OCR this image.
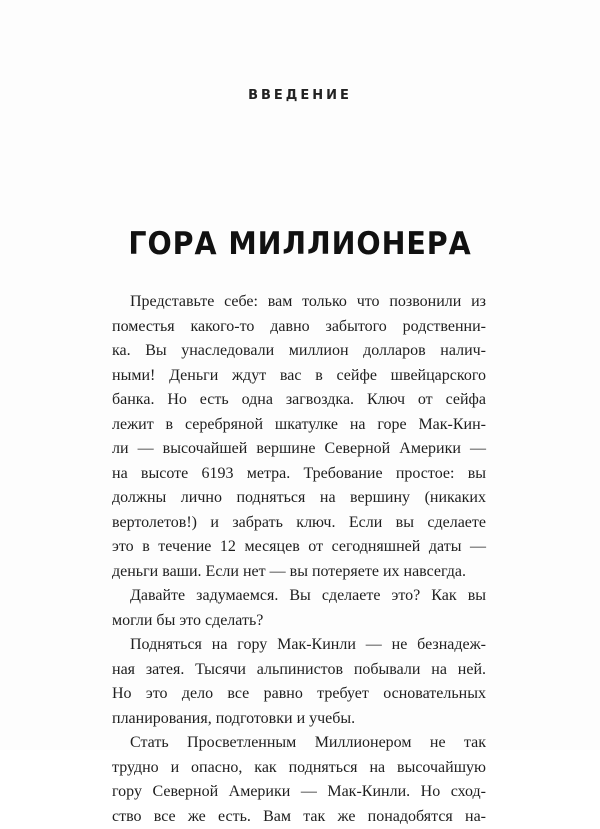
ВВЕДЕНИЕ
ГОРА МИЛЛИОНЕРА
Представьте себе: вам только что позвонили из
поместья какого-то давно забытого родственни-
ка. Вы унаследовали миллион долларов налич-
ными! Деньги ждут вас в сейфе швейцарского
банка. Но есть одна загвоздка. Ключ от сейфа
лежит в серебряной шкатулке на горе Мак-Кин-
ли — высочайшей вершине Северной Америки —
на высоте 6193 метра. Требование простое: вы
должны лично подняться на вершину (никаких
вертолетов!) и забрать ключ. Если вы сделаете
это в течение 12 месяцев от сегодняшней даты —
деньги ваши. Если нет — вы потеряете их навсегда.
Давайте задумаемся. Вы сделаете это? Как вы
могли бы это сделать?
Подняться на гору Мак-Кинли — не безнадеж-
ная затея. Тысячи альпинистов побывали на ней.
Но это дело все равно требует основательных
планирования, подготовки и учебы.
Стать Просветленным Миллионером не так
трудно и опасно, как подняться на высочайшую
гору Северной Америки — Мак-Кинли. Но сход-
ство все же есть. Вам так же понадобятся на-
